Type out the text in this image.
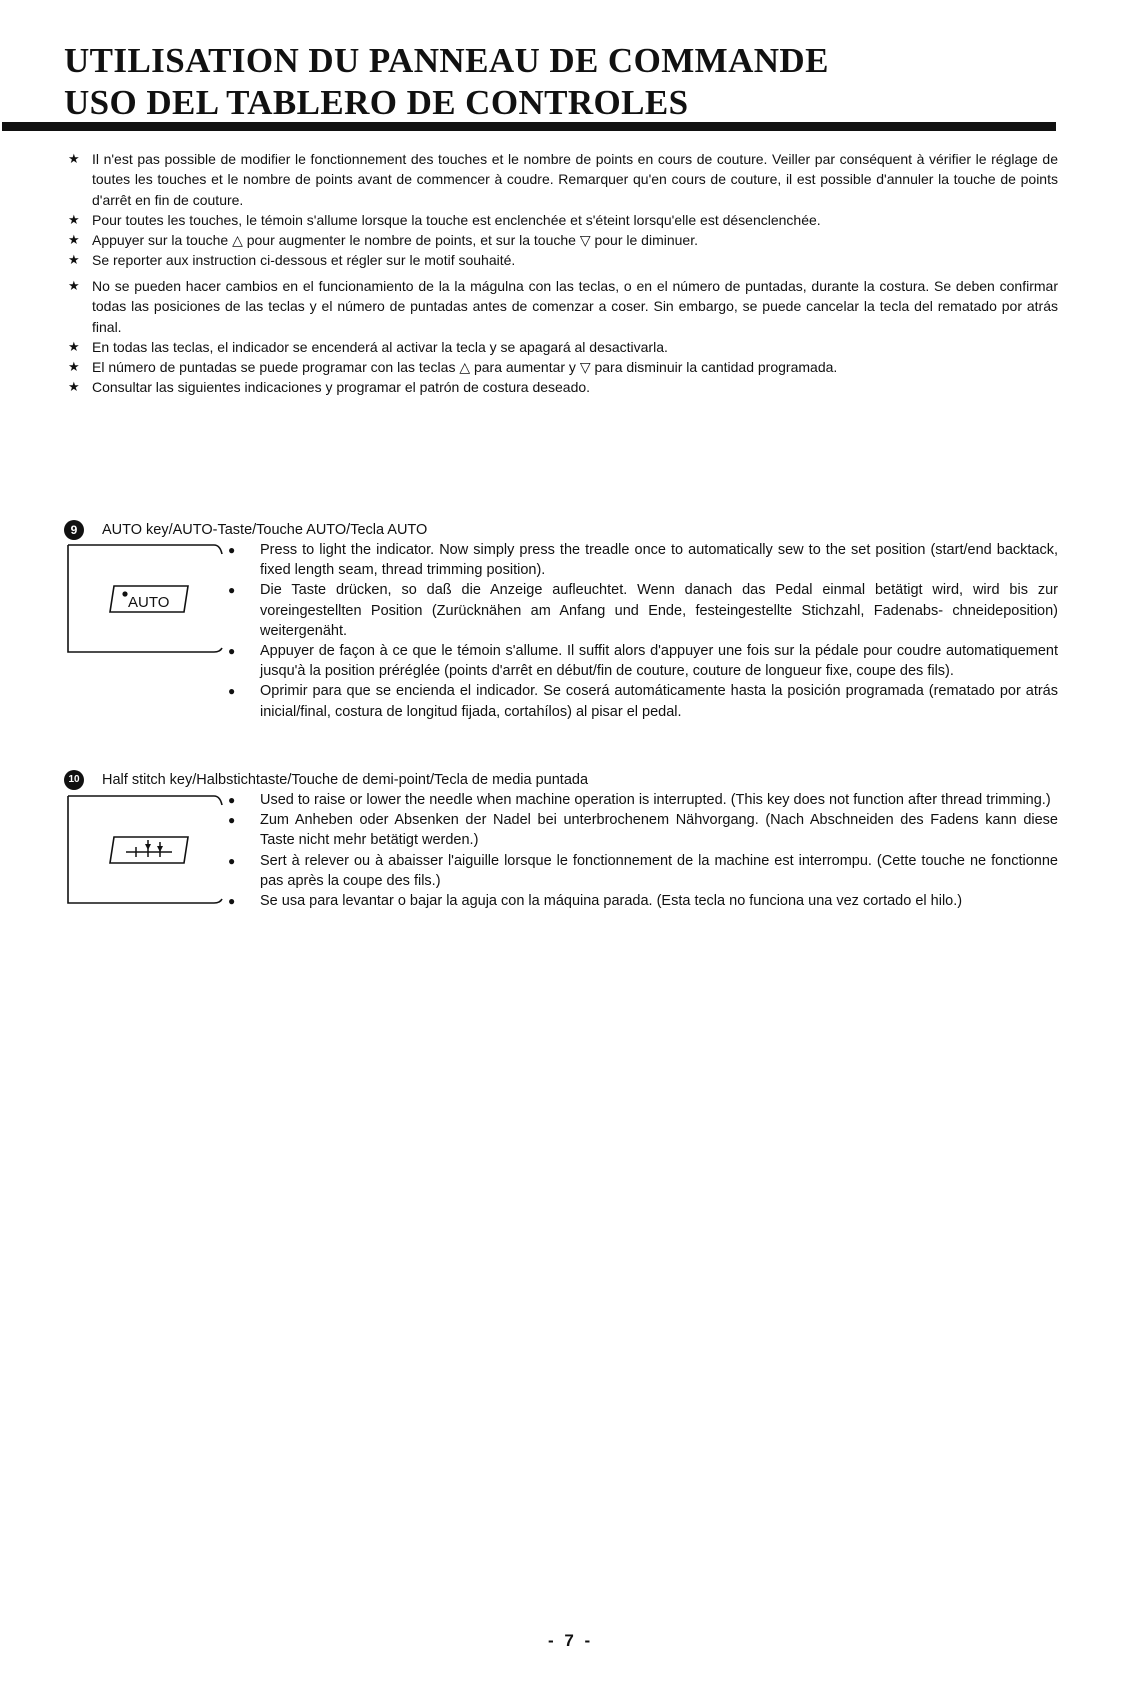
UTILISATION DU PANNEAU DE COMMANDE
USO DEL TABLERO DE CONTROLES
★ Il n'est pas possible de modifier le fonctionnement des touches et le nombre de points en cours de couture. Veiller par conséquent à vérifier le réglage de toutes les touches et le nombre de points avant de commencer à coudre. Remarquer qu'en cours de couture, il est possible d'annuler la touche de points d'arrêt en fin de couture.
★ Pour toutes les touches, le témoin s'allume lorsque la touche est enclenchée et s'éteint lorsqu'elle est désenclenchée.
★ Appuyer sur la touche △ pour augmenter le nombre de points, et sur la touche ▽ pour le diminuer.
★ Se reporter aux instruction ci-dessous et régler sur le motif souhaité.
★ No se pueden hacer cambios en el funcionamiento de la la mágulna con las teclas, o en el número de puntadas, durante la costura. Se deben confirmar todas las posiciones de las teclas y el número de puntadas antes de comenzar a coser. Sin embargo, se puede cancelar la tecla del rematado por atrás final.
★ En todas las teclas, el indicador se encenderá al activar la tecla y se apagará al desactivarla.
★ El número de puntadas se puede programar con las teclas △ para aumentar y ▽ para disminuir la cantidad programada.
★ Consultar las siguientes indicaciones y programar el patrón de costura deseado.
9	AUTO key/AUTO-Taste/Touche AUTO/Tecla AUTO
AUTO
●	Press to light the indicator. Now simply press the treadle once to automatically sew to the set position (start/end backtack, fixed length seam, thread trimming position).
●	Die Taste drücken, so daß die Anzeige aufleuchtet. Wenn danach das Pedal einmal betätigt wird, wird bis zur voreingestellten Position (Zurücknähen am Anfang und Ende, festeingestellte Stichzahl, Fadenabs- chneideposition) weitergenäht.
●	Appuyer de façon à ce que le témoin s'allume. Il suffit alors d'appuyer une fois sur la pédale pour coudre automatiquement jusqu'à la position préréglée (points d'arrêt en début/fin de couture, couture de longueur fixe, coupe des fils).
●	Oprimir para que se encienda el indicador. Se coserá automáticamente hasta la posición programada (rematado por atrás inicial/final, costura de longitud fijada, cortahílos) al pisar el pedal.
10	Half stitch key/Halbstichtaste/Touche de demi-point/Tecla de media puntada
●	Used to raise or lower the needle when machine operation is interrupted. (This key does not function after thread trimming.)
●	Zum Anheben oder Absenken der Nadel bei unterbrochenem Nähvorgang. (Nach Abschneiden des Fadens kann diese Taste nicht mehr betätigt werden.)
●	Sert à relever ou à abaisser l'aiguille lorsque le fonctionnement de la machine est interrompu. (Cette touche ne fonctionne pas après la coupe des fils.)
●	Se usa para levantar o bajar la aguja con la máquina parada. (Esta tecla no funciona una vez cortado el hilo.)
- 7 -
